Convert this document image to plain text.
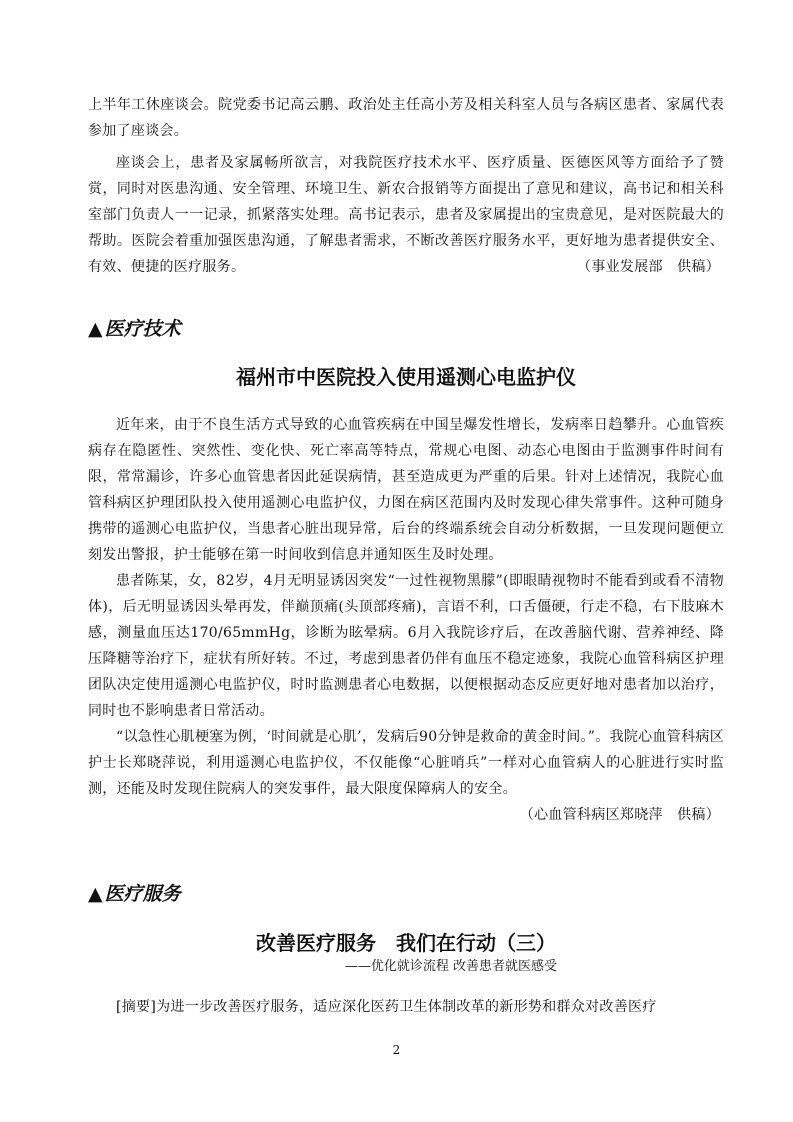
上半年工休座谈会。院党委书记高云鹏、政治处主任高小芳及相关科室人员与各病区患者、家属代表参加了座谈会。

座谈会上，患者及家属畅所欲言，对我院医疗技术水平、医疗质量、医德医风等方面给予了赞赏，同时对医患沟通、安全管理、环境卫生、新农合报销等方面提出了意见和建议，高书记和相关科室部门负责人一一记录，抓紧落实处理。高书记表示，患者及家属提出的宝贵意见，是对医院最大的帮助。医院会着重加强医患沟通，了解患者需求，不断改善医疗服务水平，更好地为患者提供安全、有效、便捷的医疗服务。	（事业发展部　供稿）

▲ 医疗技术
福州市中医院投入使用遥测心电监护仪

近年来，由于不良生活方式导致的心血管疾病在中国呈爆发性增长，发病率日趋攀升。心血管疾病存在隐匿性、突然性、变化快、死亡率高等特点，常规心电图、动态心电图由于监测事件时间有限，常常漏诊，许多心血管患者因此延误病情，甚至造成更为严重的后果。针对上述情况，我院心血管科病区护理团队投入使用遥测心电监护仪，力图在病区范围内及时发现心律失常事件。这种可随身携带的遥测心电监护仪，当患者心脏出现异常，后台的终端系统会自动分析数据，一旦发现问题便立刻发出警报，护士能够在第一时间收到信息并通知医生及时处理。

患者陈某，女，82岁，4月无明显诱因突发“一过性视物黑朦”(即眼睛视物时不能看到或看不清物体)，后无明显诱因头晕再发，伴巅顶痛(头顶部疼痛)，言语不利，口舌僵硬，行走不稳，右下肢麻木感，测量血压达170/65mmHg，诊断为眩晕病。6月入我院诊疗后，在改善脑代谢、营养神经、降压降糖等治疗下，症状有所好转。不过，考虑到患者仍伴有血压不稳定迹象，我院心血管科病区护理团队决定使用遥测心电监护仪，时时监测患者心电数据，以便根据动态反应更好地对患者加以治疗，同时也不影响患者日常活动。

“以急性心肌梗塞为例，‘时间就是心肌’，发病后90分钟是救命的黄金时间。”。我院心血管科病区护士长郑晓萍说，利用遥测心电监护仪，不仅能像“心脏哨兵”一样对心血管病人的心脏进行实时监测，还能及时发现住院病人的突发事件，最大限度保障病人的安全。

（心血管科病区郑晓萍　供稿）

▲ 医疗服务
改善医疗服务　我们在行动（三）

——优化就诊流程 改善患者就医感受

[摘要]为进一步改善医疗服务，适应深化医药卫生体制改革的新形势和群众对改善医疗

2
